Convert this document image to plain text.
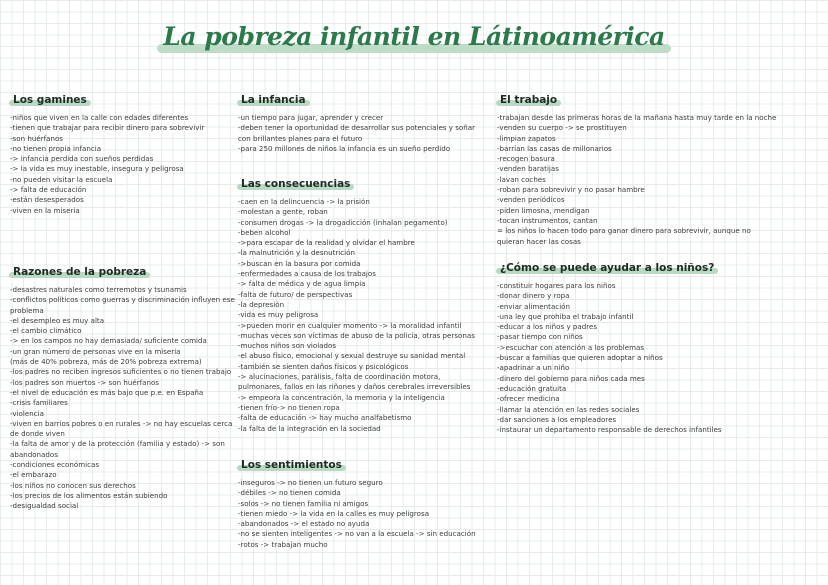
La pobreza infantil en Látinoamérica
Los gamines
-niños que viven en la calle con edades diferentes
-tienen que trabajar para recibir dinero para sobrevivir
-son huérfanos
-no tienen propia infancia
-> infancia perdida con sueños perdidas
-> la vida es muy inestable, insegura y peligrosa
-no pueden visitar la escuela
-> falta de educación
-están desesperados
-viven en la miseria
Razones de la pobreza
-desastres naturales como terremotos y tsunamis
-conflictos políticos como guerras y discriminación influyen ese problema
-el desempleo es muy alta
-el cambio climático
-> en los campos no hay demasiada/ suficiente comida
-un gran número de personas vive en la miseria
(más de 40% pobreza, más de 20% pobreza extrema)
-los padres no reciben ingresos suficientes o no tienen trabajo
-los padres son muertos -> son huérfanos
-el nivel de educación es más bajo que p.e. en España
-crisis familiares
-violencia
-viven en barrios pobres o en rurales -> no hay escuelas cerca de donde viven
-la falta de amor y de la protección (familia y estado) -> son abandonados
-condiciones económicas
-el embarazo
-los niños no conocen sus derechos
-los precios de los alimentos están subiendo
-desigualdad social
La infancia
-un tiempo para jugar, aprender y crecer
-deben tener la oportunidad de desarrollar sus potenciales y soñar con brillantes planes para el futuro
-para 250 millones de niños la infancia es un sueño perdido
Las consecuencias
-caen en la delincuencia -> la prisión
-molestan a gente, roban
-consumen drogas -> la drogadicción (inhalan pegamento)
-beben alcohol
->para escapar de la realidad y olvidar el hambre
-la malnutrición y la desnutrición
->buscan en la basura por comida
-enfermedades a causa de los trabajos
-> falta de médica y de agua limpia
-falta de futuro/ de perspectivas
-la depresión
-vida es muy peligrosa
->pueden morir en cualquier momento -> la moralidad infantil
-muchas veces son víctimas de abuso de la policía, otras personas
-muchos niños son violados
-el abuso físico, emocional y sexual destruye su sanidad mental
-también se sienten daños físicos y psicológicos
-> alucinaciones, parálisis, falta de coordinación motora, pulmonares, fallos en las riñones y daños cerebrales irreversibles
-> empeora la concentración, la memoria y la inteligencia
-tienen frío-> no tienen ropa
-falta de educación -> hay mucho analfabetismo
-la falta de la integración en la sociedad
Los sentimientos
-inseguros -> no tienen un futuro seguro
-débiles -> no tienen comida
-solos -> no tienen familia ni amigos
-tienen miedo -> la vida en la calles es muy peligrosa
-abandonados -> el estado no ayuda
-no se sienten inteligentes -> no van a la escuela -> sin educación
-rotos -> trabajan mucho
El trabajo
-trabajan desde las primeras horas de la mañana hasta muy tarde en la noche
-venden su cuerpo -> se prostituyen
-limpian zapatos
-barrían las casas de millonarios
-recogen basura
-venden baratijas
-lavan coches
-roban para sobrevivir y no pasar hambre
-venden periódicos
-piden limosna, mendigan
-tocan instrumentos, cantan
= los niños lo hacen todo para ganar dinero para sobrevivir, aunque no quieran hacer las cosas
¿Cómo se puede ayudar a los niños?
-constituir hogares para los niños
-donar dinero y ropa
-enviar alimentación
-una ley que prohiba el trabajo infantil
-educar a los niños y padres
-pasar tiempo con niños
->escuchar con atención a los problemas
-buscar a familias que quieren adoptar a niños
-apadrinar a un niño
-dinero del gobierno para niños cada mes
-educación gratuita
-ofrecer medicina
-llamar la atención en las redes sociales
-dar sanciones a los empleadores
-instaurar un departamento responsable de derechos infantiles
